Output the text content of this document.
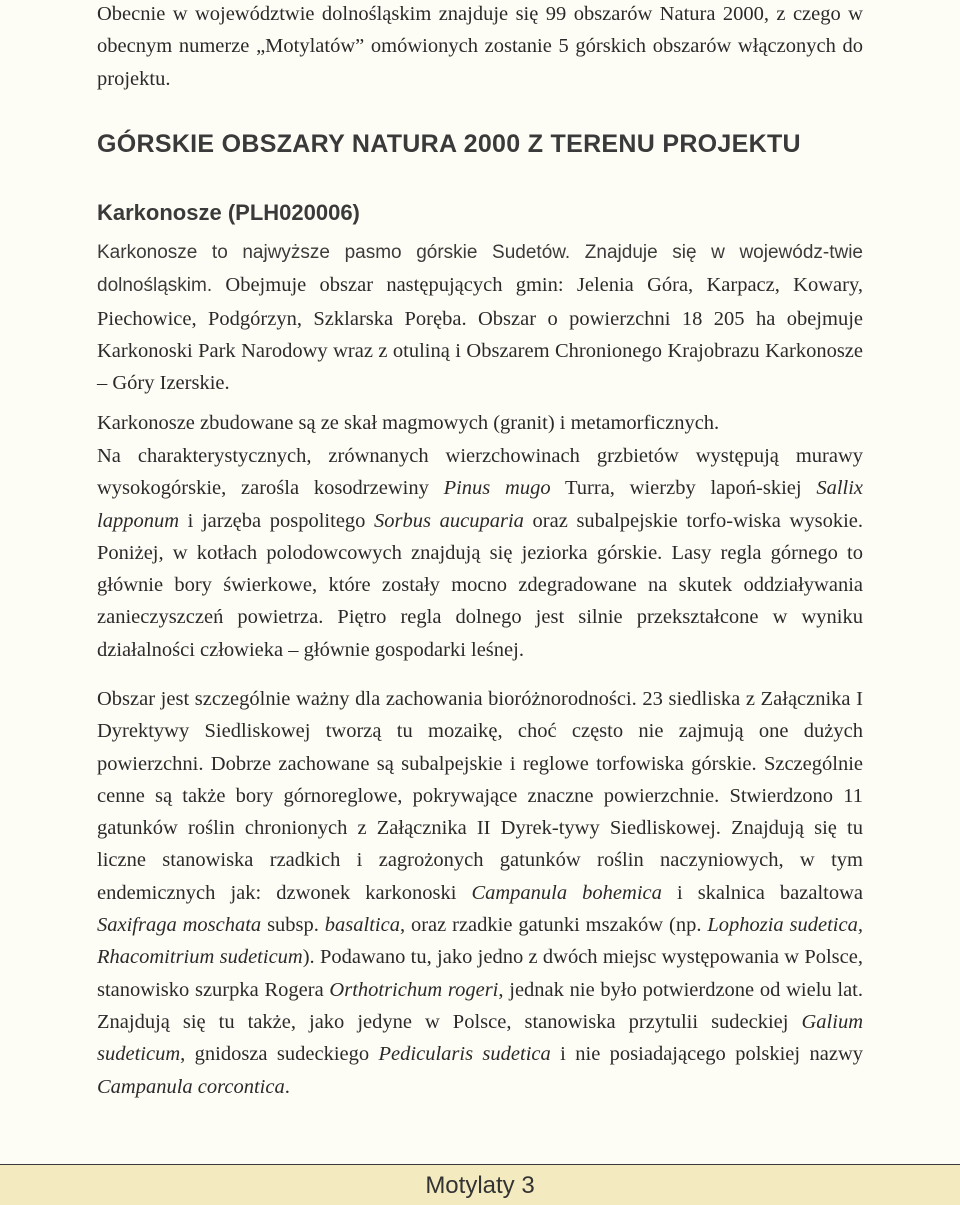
Obecnie w województwie dolnośląskim znajduje się 99 obszarów Natura 2000, z czego w obecnym numerze „Motylatów” omówionych zostanie 5 górskich obszarów włączonych do projektu.

GÓRSKIE OBSZARY NATURA 2000 Z TERENU PROJEKTU
Karkonosze (PLH020006)

Karkonosze to najwyższe pasmo górskie Sudetów. Znajduje się w wojewódz-twie dolnośląskim. Obejmuje obszar następujących gmin: Jelenia Góra, Karpacz, Kowary, Piechowice, Podgórzyn, Szklarska Poręba. Obszar o powierzchni 18 205 ha obejmuje Karkonoski Park Narodowy wraz z otuliną i Obszarem Chronionego Krajobrazu Karkonosze – Góry Izerskie.

Karkonosze zbudowane są ze skał magmowych (granit) i metamorficznych.

Na charakterystycznych, zrównanych wierzchowinach grzbietów występują murawy wysokogórskie, zarośla kosodrzewiny Pinus mugo Turra, wierzby lapoń-skiej Sallix lapponum i jarzęba pospolitego Sorbus aucuparia oraz subalpejskie torfo-wiska wysokie. Poniżej, w kotłach polodowcowych znajdują się jeziorka górskie. Lasy regla górnego to głównie bory świerkowe, które zostały mocno zdegradowane na skutek oddziaływania zanieczyszczeń powietrza. Piętro regla dolnego jest silnie przekształcone w wyniku działalności człowieka – głównie gospodarki leśnej.

Obszar jest szczególnie ważny dla zachowania bioróżnorodności. 23 siedliska z Załącznika I Dyrektywy Siedliskowej tworzą tu mozaikę, choć często nie zajmują one dużych powierzchni. Dobrze zachowane są subalpejskie i reglowe torfowiska górskie. Szczególnie cenne są także bory górnoreglowe, pokrywające znaczne powierzchnie. Stwierdzono 11 gatunków roślin chronionych z Załącznika II Dyrek-tywy Siedliskowej. Znajdują się tu liczne stanowiska rzadkich i zagrożonych gatunków roślin naczyniowych, w tym endemicznych jak: dzwonek karkonoski Campanula bohemica i skalnica bazaltowa Saxifraga moschata subsp. basaltica, oraz rzadkie gatunki mszaków (np. Lophozia sudetica, Rhacomitrium sudeticum). Podawano tu, jako jedno z dwóch miejsc występowania w Polsce, stanowisko szurpka Rogera Orthotrichum rogeri, jednak nie było potwierdzone od wielu lat. Znajdują się tu także, jako jedyne w Polsce, stanowiska przytulii sudeckiej Galium sudeticum, gnidosza sudeckiego Pedicularis sudetica i nie posiadającego polskiej nazwy Campanula corcontica.

Motylaty 3
